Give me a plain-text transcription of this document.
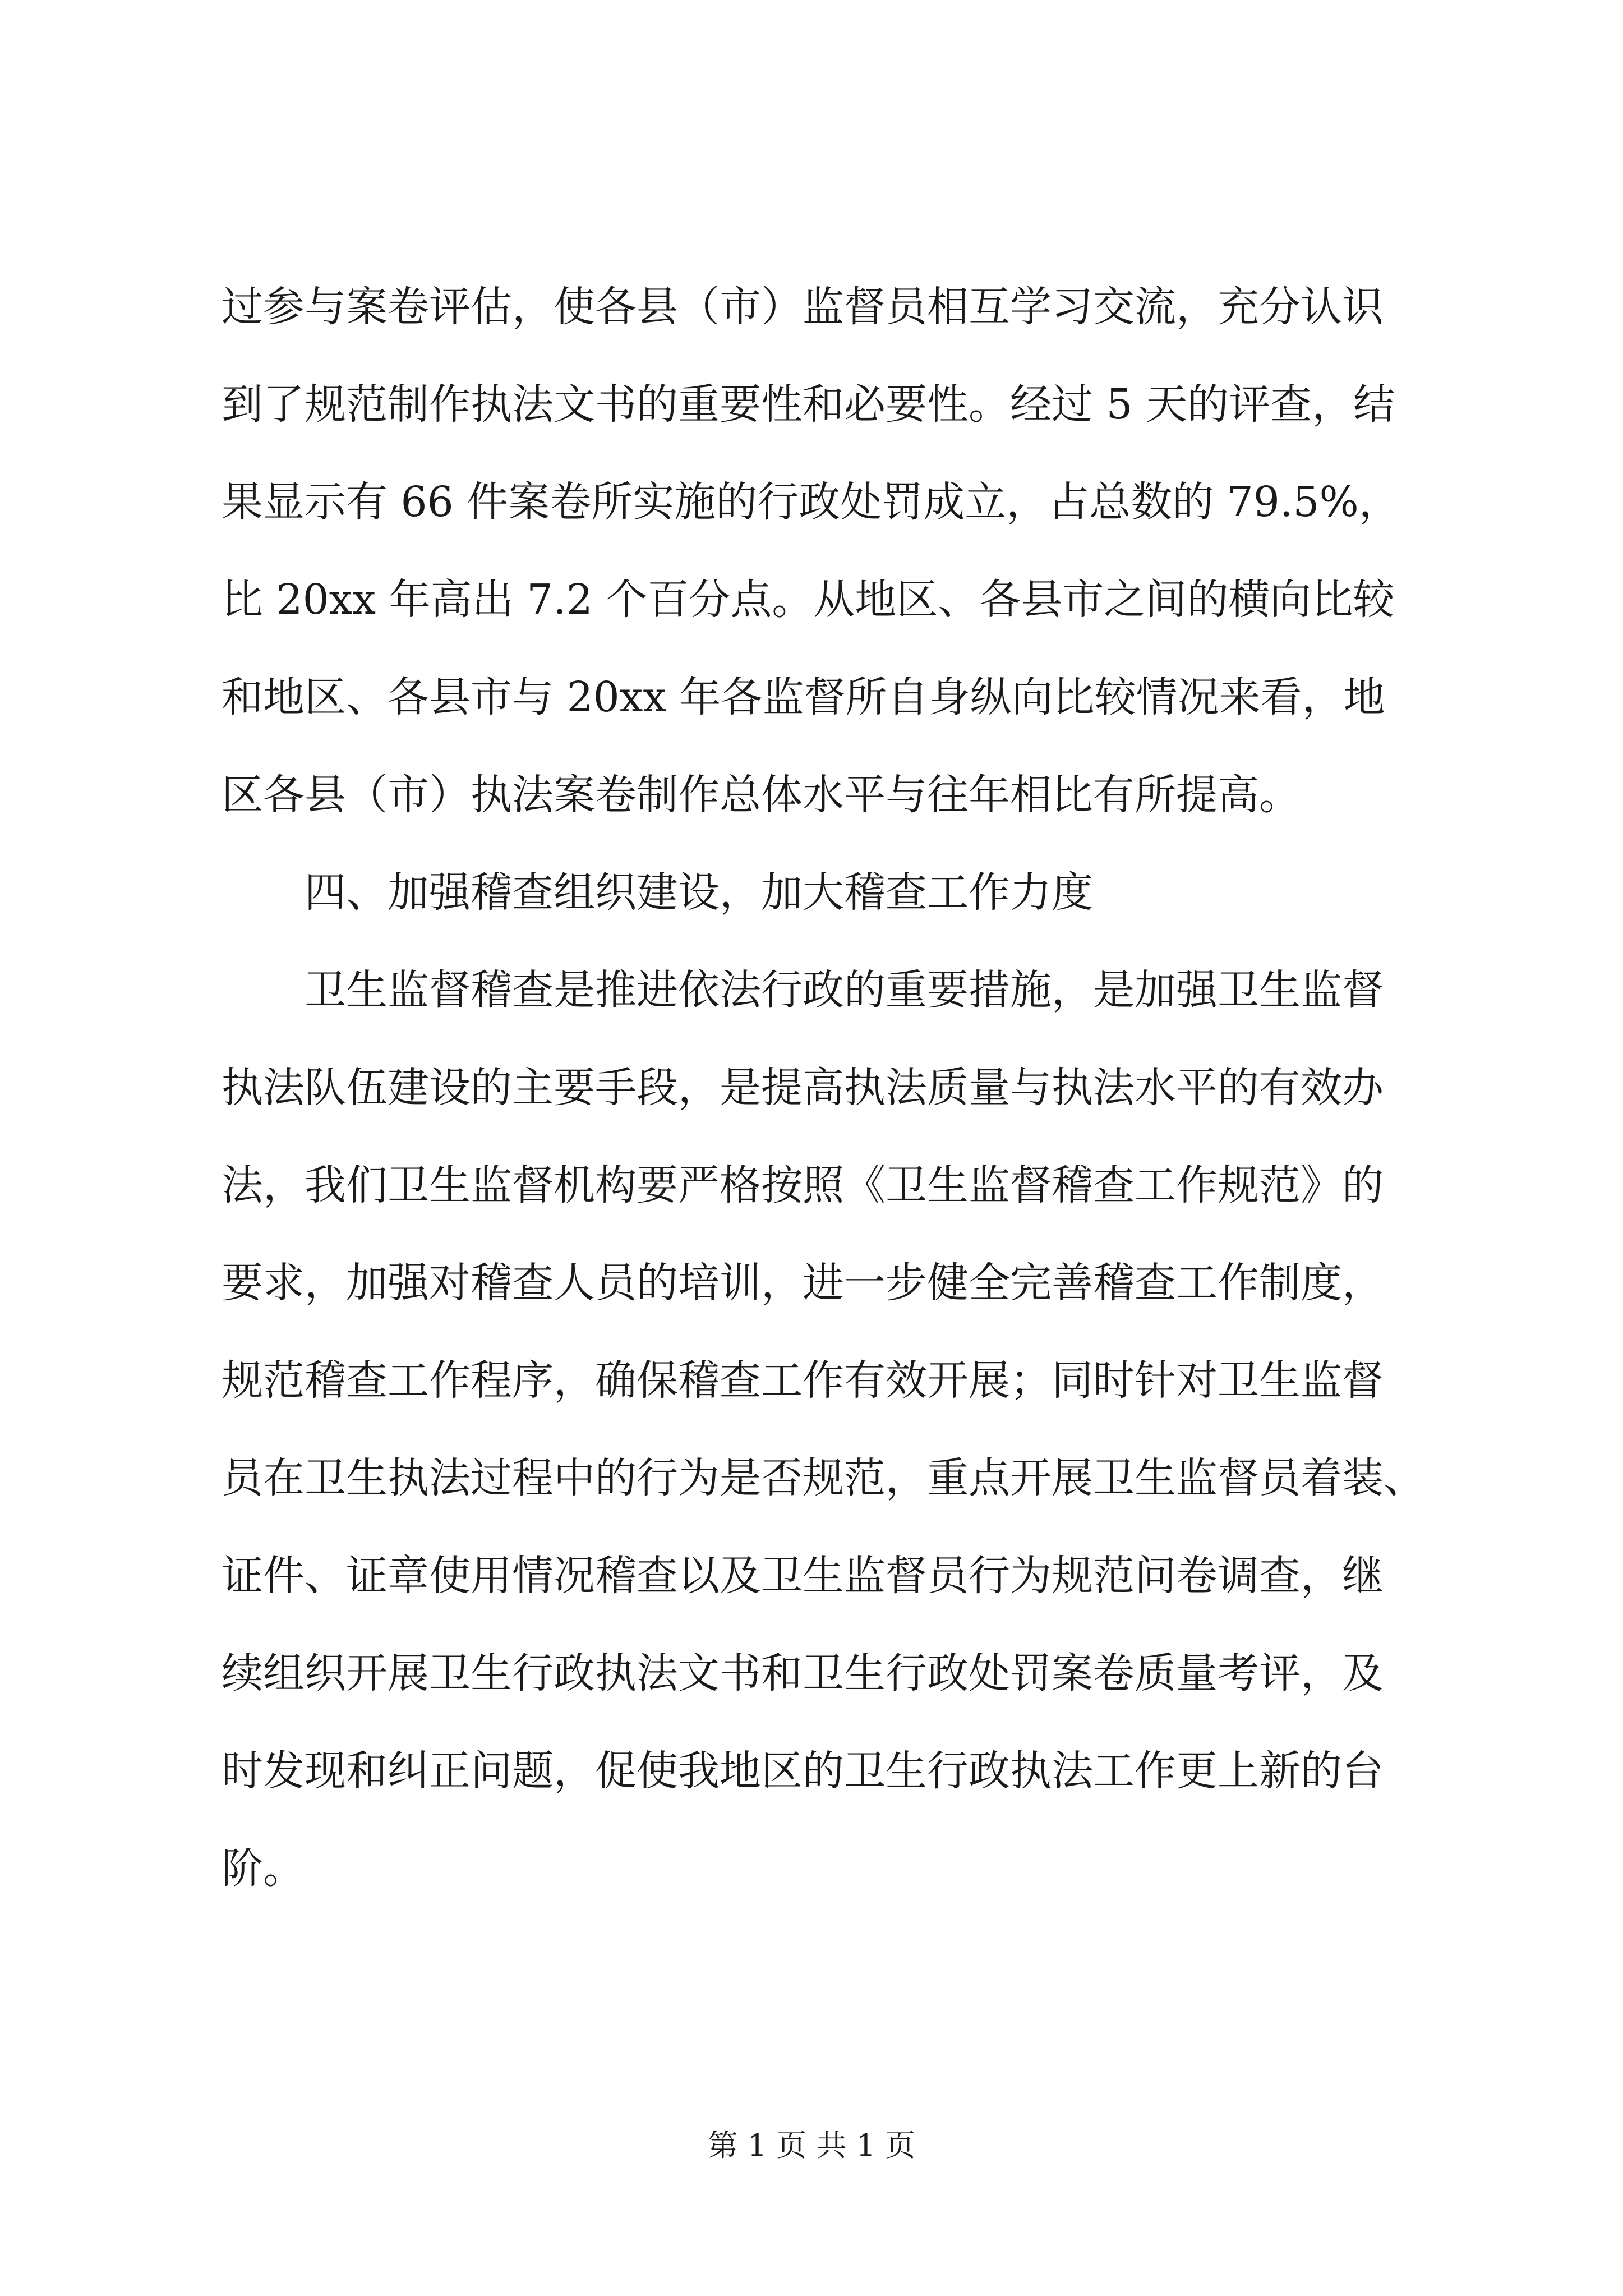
过参与案卷评估，使各县（市）监督员相互学习交流，充分认识
到了规范制作执法文书的重要性和必要性。经过 5 天的评查，结
果显示有 66 件案卷所实施的行政处罚成立，占总数的 79.5%，
比 20xx 年高出 7.2 个百分点。从地区、各县市之间的横向比较
和地区、各县市与 20xx 年各监督所自身纵向比较情况来看，地
区各县（市）执法案卷制作总体水平与往年相比有所提高。
四、加强稽查组织建设，加大稽查工作力度
卫生监督稽查是推进依法行政的重要措施，是加强卫生监督
执法队伍建设的主要手段，是提高执法质量与执法水平的有效办
法，我们卫生监督机构要严格按照《卫生监督稽查工作规范》的
要求，加强对稽查人员的培训，进一步健全完善稽查工作制度，
规范稽查工作程序，确保稽查工作有效开展；同时针对卫生监督
员在卫生执法过程中的行为是否规范，重点开展卫生监督员着装、
证件、证章使用情况稽查以及卫生监督员行为规范问卷调查，继
续组织开展卫生行政执法文书和卫生行政处罚案卷质量考评，及
时发现和纠正问题，促使我地区的卫生行政执法工作更上新的台
阶。
第 1 页 共 1 页
